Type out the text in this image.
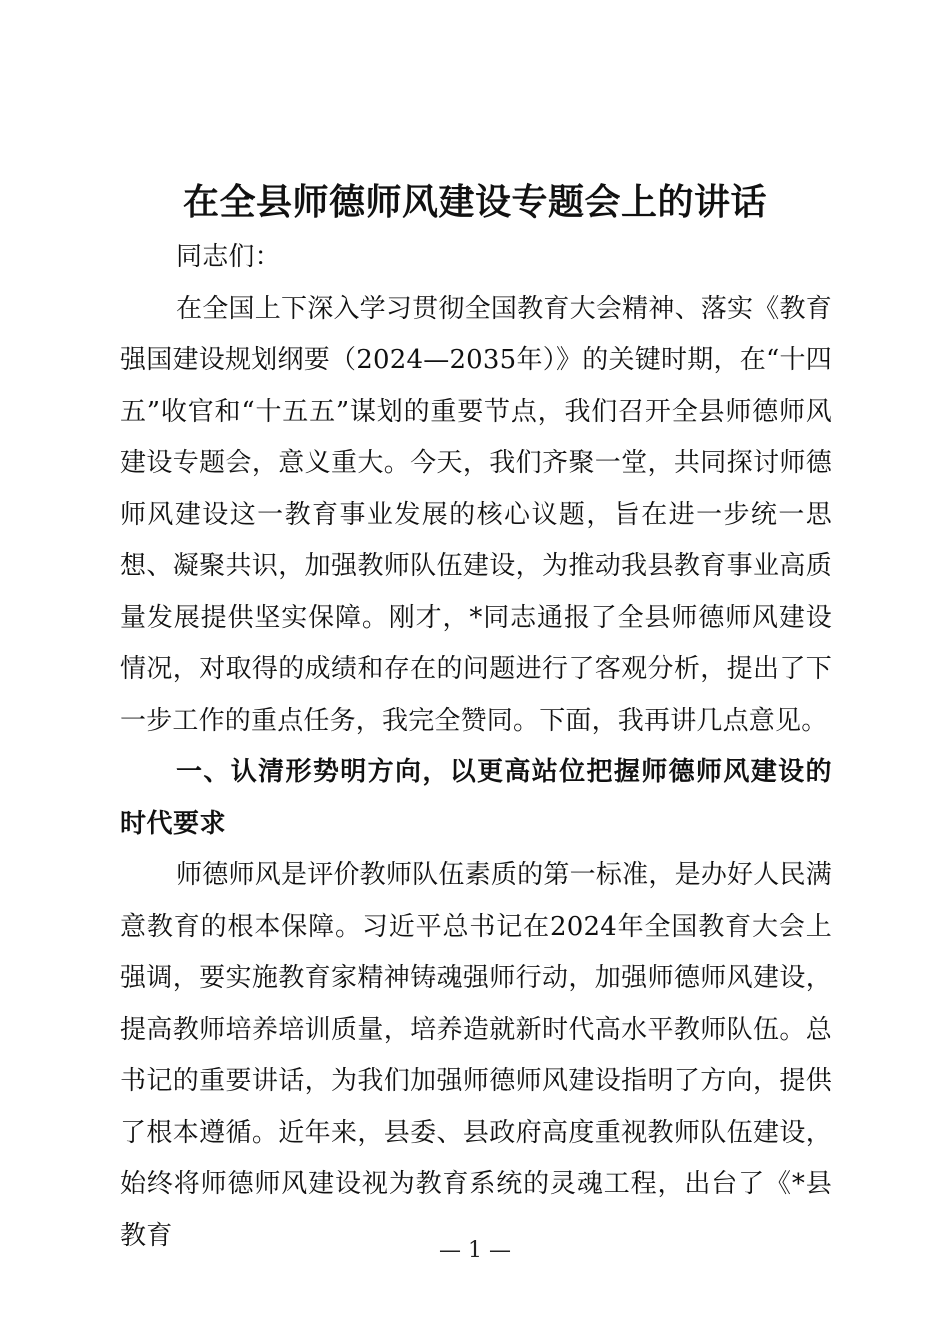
在全县师德师风建设专题会上的讲话

同志们：

在全国上下深入学习贯彻全国教育大会精神、落实《教育强国建设规划纲要（2024—2035年）》的关键时期，在“十四五”收官和“十五五”谋划的重要节点，我们召开全县师德师风建设专题会，意义重大。今天，我们齐聚一堂，共同探讨师德师风建设这一教育事业发展的核心议题，旨在进一步统一思想、凝聚共识，加强教师队伍建设，为推动我县教育事业高质量发展提供坚实保障。刚才，*同志通报了全县师德师风建设情况，对取得的成绩和存在的问题进行了客观分析，提出了下一步工作的重点任务，我完全赞同。下面，我再讲几点意见。

一、认清形势明方向，以更高站位把握师德师风建设的时代要求

师德师风是评价教师队伍素质的第一标准，是办好人民满意教育的根本保障。习近平总书记在2024年全国教育大会上强调，要实施教育家精神铸魂强师行动，加强师德师风建设，提高教师培养培训质量，培养造就新时代高水平教师队伍。总书记的重要讲话，为我们加强师德师风建设指明了方向，提供了根本遵循。近年来，县委、县政府高度重视教师队伍建设，始终将师德师风建设视为教育系统的灵魂工程，出台了《*县教育	— 1 —
